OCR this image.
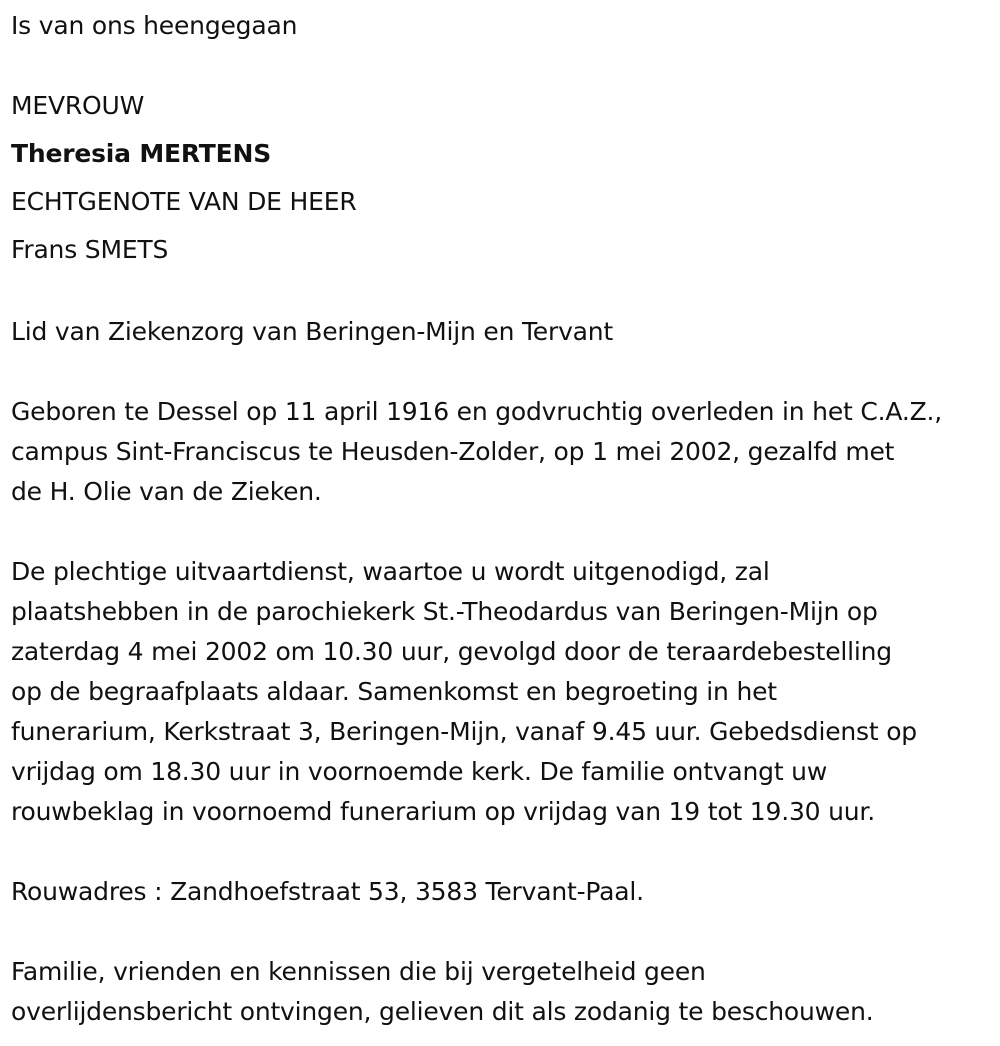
Is van ons heengegaan

MEVROUW

Theresia MERTENS

ECHTGENOTE VAN DE HEER

Frans SMETS

Lid van Ziekenzorg van Beringen-Mijn en Tervant

Geboren te Dessel op 11 april 1916 en godvruchtig overleden in het C.A.Z.,

campus Sint-Franciscus te Heusden-Zolder, op 1 mei 2002, gezalfd met

de H. Olie van de Zieken.

De plechtige uitvaartdienst, waartoe u wordt uitgenodigd, zal

plaatshebben in de parochiekerk St.-Theodardus van Beringen-Mijn op

zaterdag 4 mei 2002 om 10.30 uur, gevolgd door de teraardebestelling

op de begraafplaats aldaar. Samenkomst en begroeting in het

funerarium, Kerkstraat 3, Beringen-Mijn, vanaf 9.45 uur. Gebedsdienst op

vrijdag om 18.30 uur in voornoemde kerk. De familie ontvangt uw

rouwbeklag in voornoemd funerarium op vrijdag van 19 tot 19.30 uur.

Rouwadres : Zandhoefstraat 53, 3583 Tervant-Paal.

Familie, vrienden en kennissen die bij vergetelheid geen

overlijdensbericht ontvingen, gelieven dit als zodanig te beschouwen.
